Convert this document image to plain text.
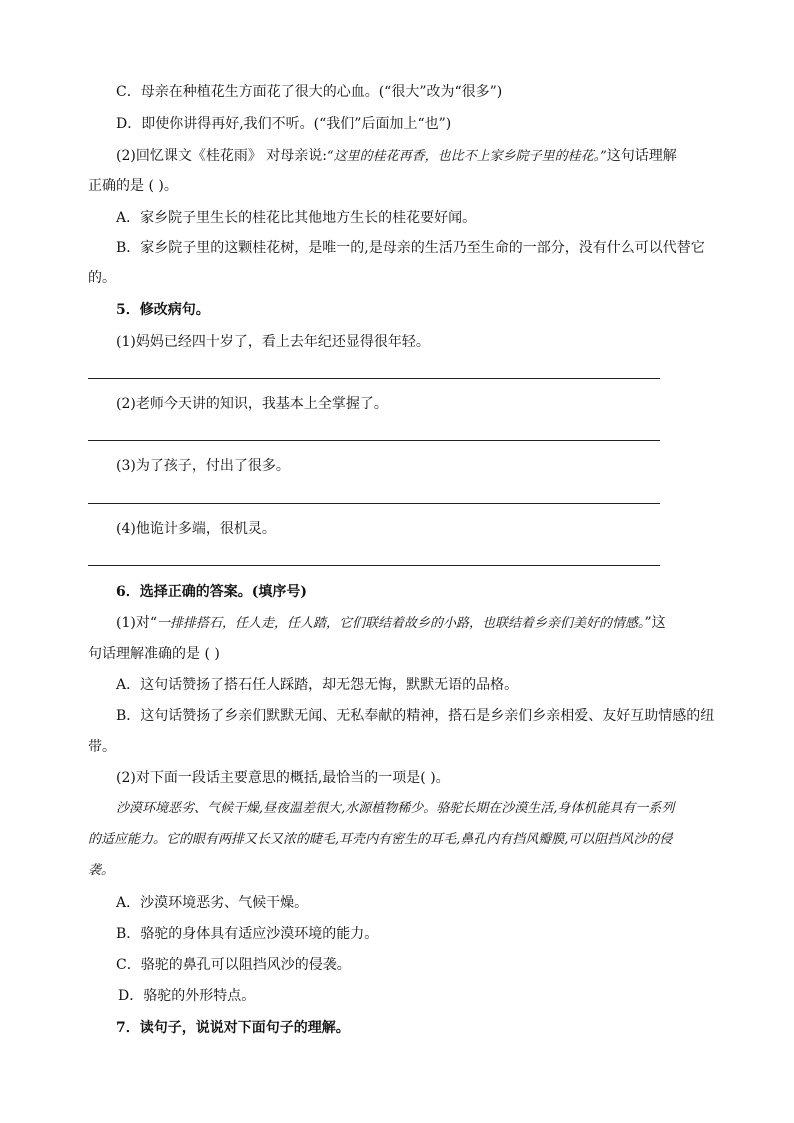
C．母亲在种植花生方面花了很大的心血。(“很大”改为“很多”)
D．即使你讲得再好,我们不听。(“我们”后面加上“也”)
(2)回忆课文《桂花雨》 对母亲说:“这里的桂花再香，也比不上家乡院子里的桂花。”这句话理解
正确的是 ( )。
A．家乡院子里生长的桂花比其他地方生长的桂花要好闻。
B．家乡院子里的这颗桂花树，是唯一的,是母亲的生活乃至生命的一部分，没有什么可以代替它
的。
5．修改病句。
(1)妈妈已经四十岁了，看上去年纪还显得很年轻。
(2)老师今天讲的知识，我基本上全掌握了。
(3)为了孩子，付出了很多。
(4)他诡计多端，很机灵。
6．选择正确的答案。(填序号)
(1)对“一排排搭石，任人走，任人踏，它们联结着故乡的小路，也联结着乡亲们美好的情感。”这
句话理解准确的是 ( )
A．这句话赞扬了搭石任人踩踏，却无怨无悔，默默无语的品格。
B．这句话赞扬了乡亲们默默无闻、无私奉献的精神，搭石是乡亲们乡亲相爱、友好互助情感的纽
带。
(2)对下面一段话主要意思的概括,最恰当的一项是( )。
沙漠环境恶劣、气候干燥,昼夜温差很大,水源植物稀少。骆驼长期在沙漠生活,身体机能具有一系列
的适应能力。它的眼有两排又长又浓的睫毛,耳壳内有密生的耳毛,鼻孔内有挡风瓣膜,可以阻挡风沙的侵
袭。
A．沙漠环境恶劣、气候干燥。
B．骆驼的身体具有适应沙漠环境的能力。
C．骆驼的鼻孔可以阻挡风沙的侵袭。
D．骆驼的外形特点。
7．读句子，说说对下面句子的理解。
